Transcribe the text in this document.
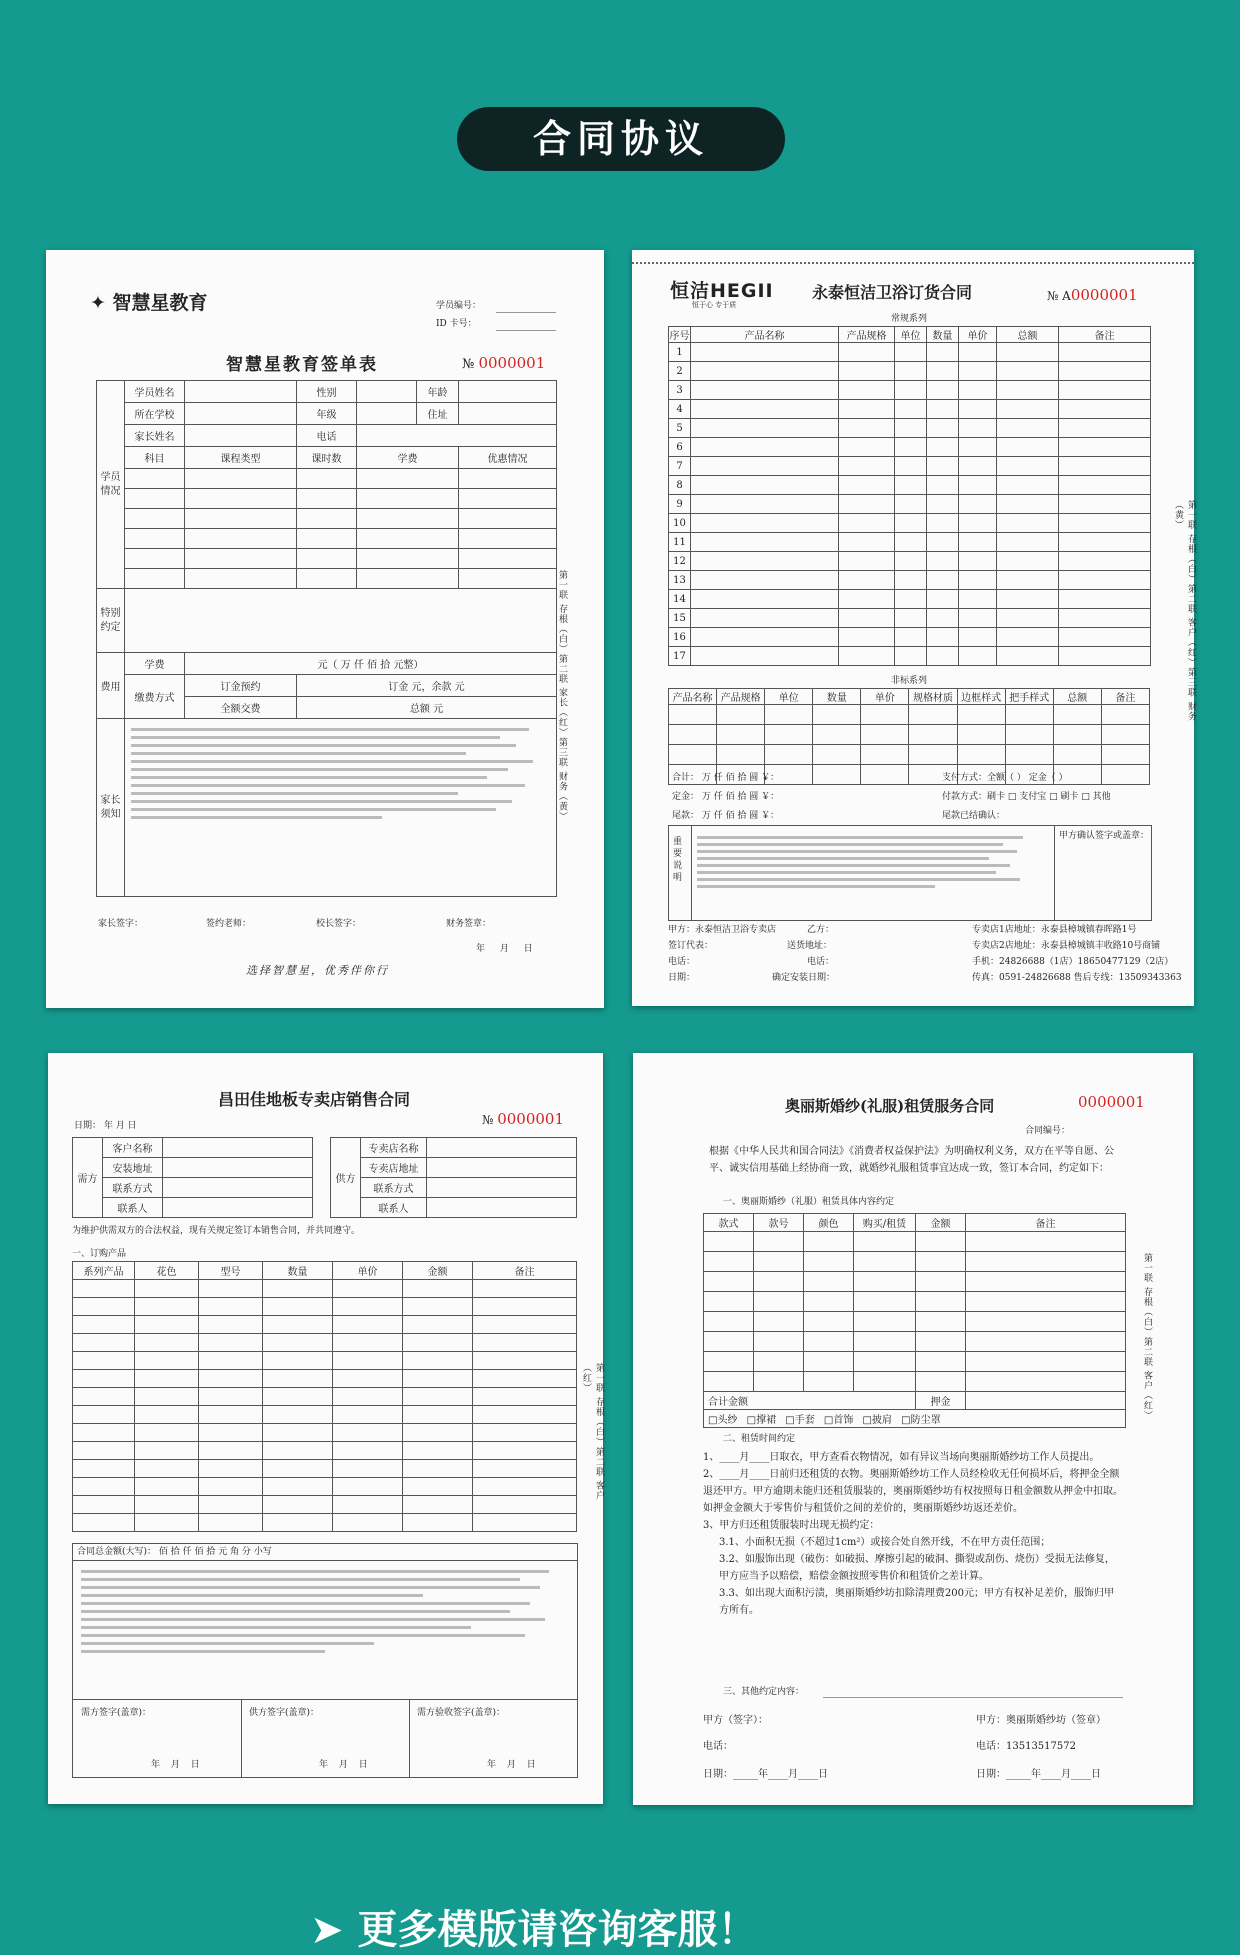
合同协议
✦ 智慧星教育	学员编号：
ID 卡号：
智慧星教育签单表	№ 0000001
学员情况	学员姓名		性别		年龄	
	所在学校		年级		住址	
	家长姓名		电话			
	科目	课程类型	课时数	学费		优惠情况

特别约定						
费用	学费	元（ 万 仟 佰 拾 元整）				
	缴费方式	订金预约	订金 元，余款 元			
		全额交费	总额 元			
家长须知						
家长签字：	签约老师：	校长签字：	财务签章：
年 月 日
选择智慧星，优秀伴你行
第一联 存根（白）第二联 家长（红）第三联 财务（黄）
恒洁HEGII
恒于心 专于质
永泰恒洁卫浴订货合同	№ A0000001
常规系列
序号	产品名称	产品规格	单位	数量	单价	总额	备注
1							
2							
3							
4							
5							
6							
7							
8							
9							
10							
11							
12							
13							
14							
15							
16							
17							
非标系列
产品名称	产品规格	单位	数量	单价	规格材质	边框样式	把手样式	总额	备注

合计： 万 仟 佰 拾 圆 ￥：	支付方式：全额（ ） 定金（ ）
定金： 万 仟 佰 拾 圆 ￥：	付款方式：刷卡 □ 支付宝 □ 刷卡 □ 其他
尾款： 万 仟 佰 拾 圆 ￥：	尾款已结确认：
重要说明
甲方确认签字或盖章：
甲方：永泰恒洁卫浴专卖店	乙方：	专卖店1店地址：永泰县樟城镇春晖路1号
签订代表：	送货地址：	专卖店2店地址：永泰县樟城镇丰收路10号商铺
电话：	电话：	手机：24826688（1店）18650477129（2店）
日期：	确定安装日期：	传真：0591-24826688 售后专线：13509343363
第一联 存根（白）第二联 客户（红）第三联 财务（黄）
昌田佳地板专卖店销售合同
日期： 年 月 日	№ 0000001
需方	客户名称	
	安装地址	
	联系方式	
	联系人	
供方	专卖店名称	
	专卖店地址	
	联系方式	
	联系人	
为维护供需双方的合法权益，现有关规定签订本销售合同，并共同遵守。
一、订购产品
系列产品	花色	型号	数量	单价	金额	备注

合同总金额(大写)： 佰 拾 仟 佰 拾 元 角 分 小写
需方签字(盖章)：	供方签字(盖章)：	需方验收签字(盖章)：
年 月 日	年 月 日	年 月 日
第一联 存根（白）第二联 客户（红）
奥丽斯婚纱(礼服)租赁服务合同	0000001
合同编号：
根据《中华人民共和国合同法》《消费者权益保护法》为明确权利义务，双方在平等自愿、公平、诚实信用基础上经协商一致，就婚纱礼服租赁事宜达成一致，签订本合同，约定如下：
一、奥丽斯婚纱（礼服）租赁具体内容约定
款式	款号	颜色	购买/租赁	金额	备注

合计金额				押金	
□头纱 □撑裙 □手套 □首饰 □披肩 □防尘罩					
二、租赁时间约定
1、____月____日取衣，甲方查看衣物情况，如有异议当场向奥丽斯婚纱坊工作人员提出。
2、____月____日前归还租赁的衣物。奥丽斯婚纱坊工作人员经检收无任何损坏后，将押金全额退还甲方。甲方逾期未能归还租赁服装的，奥丽斯婚纱坊有权按照每日租金额数从押金中扣取。如押金金额大于零售价与租赁价之间的差价的，奥丽斯婚纱坊返还差价。
3、甲方归还租赁服装时出现无损约定：
3.1、小面积无损（不超过1cm²）或接合处自然开线，不在甲方责任范围；
3.2、如服饰出现（破伤：如破损、摩擦引起的破洞、撕裂或刮伤、烧伤）受损无法修复，甲方应当予以赔偿，赔偿金额按照零售价和租赁价之差计算。
3.3、如出现大面积污渍，奥丽斯婚纱坊扣除清理费200元；甲方有权补足差价，服饰归甲方所有。
三、其他约定内容：
甲方（签字）：	甲方：奥丽斯婚纱坊（签章）
电话：	电话：13513517572
日期：_____年____月____日	日期：_____年____月____日
第一联 存根（白）第二联 客户（红）
➤ 更多模版请咨询客服！
